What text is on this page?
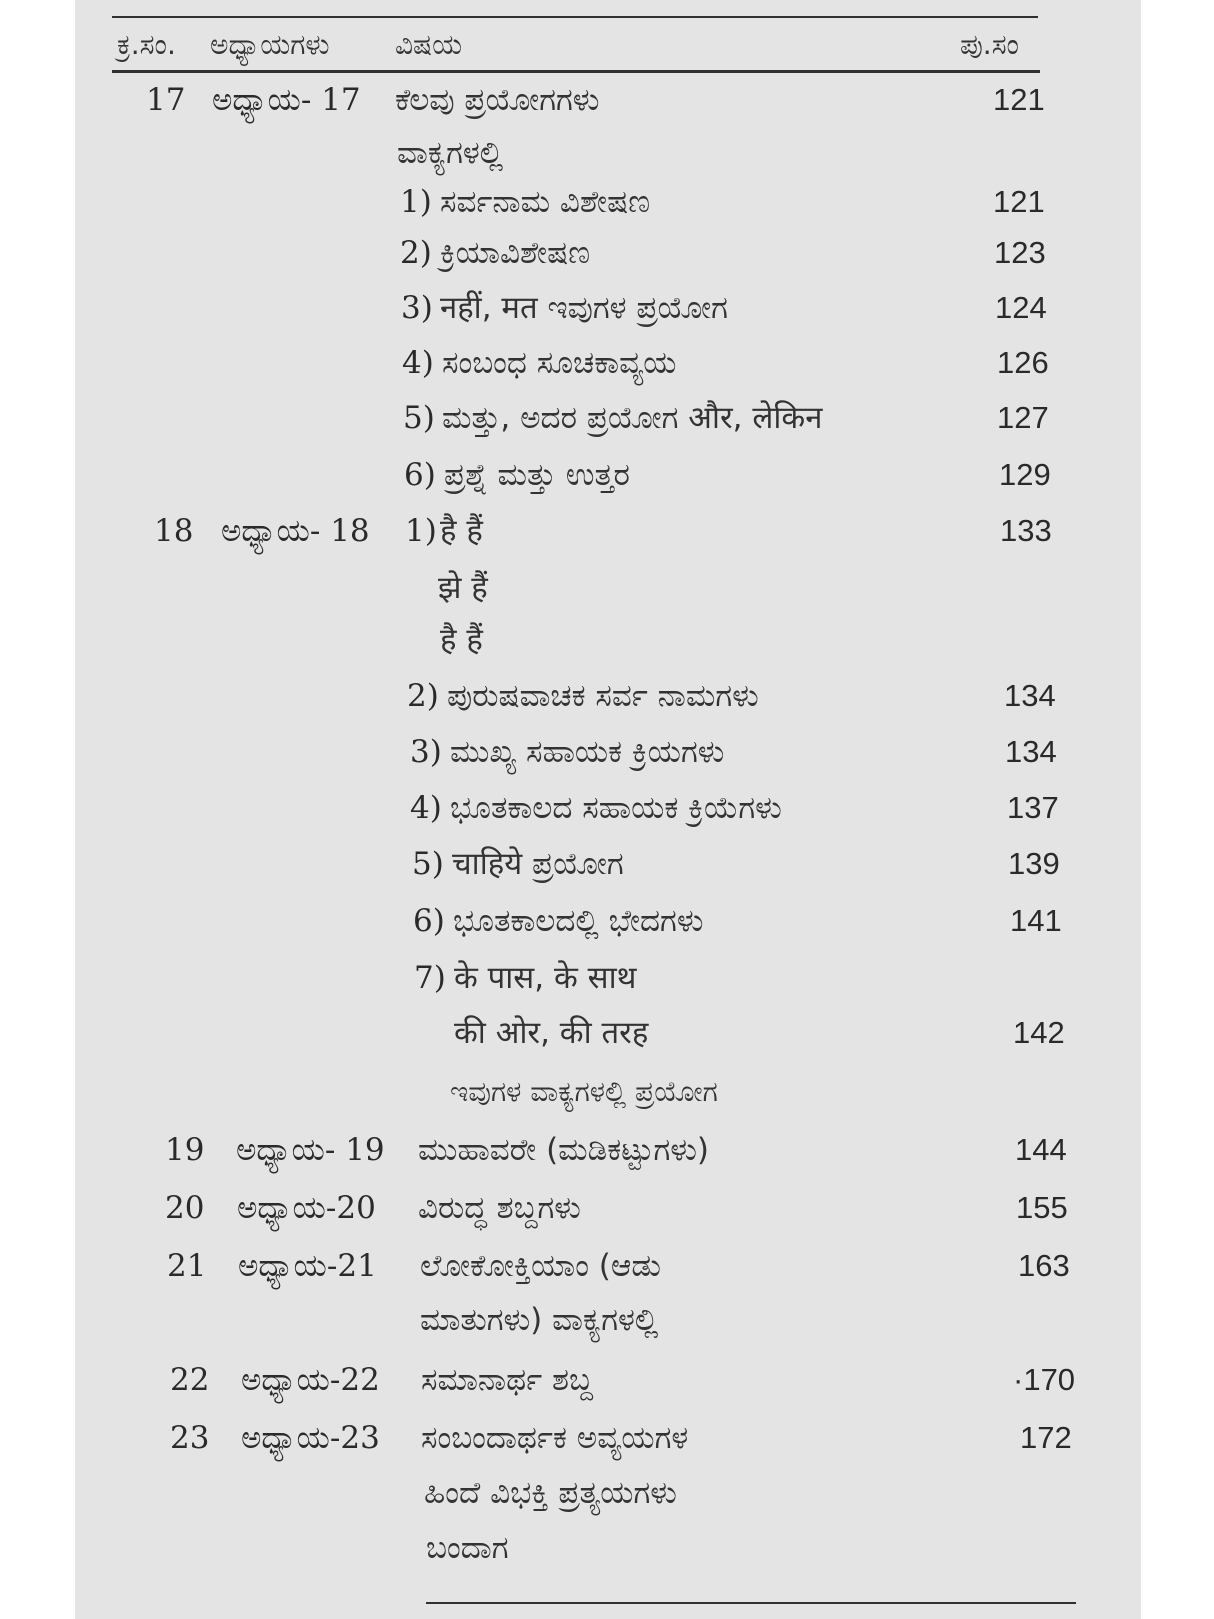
ಕ್ರ.ಸಂ. ಅಧ್ಯಾಯಗಳು ವಿಷಯ	ಪು.ಸಂ
17 ಅಧ್ಯಾಯ- 17 ಕೆಲವು ಪ್ರಯೋಗಗಳು	121
ವಾಕ್ಯಗಳಲ್ಲಿ
1) ಸರ್ವನಾಮ ವಿಶೇಷಣ	121
2) ಕ್ರಿಯಾವಿಶೇಷಣ	123
3) नहीं, मत ಇವುಗಳ ಪ್ರಯೋಗ	124
4) ಸಂಬಂಧ ಸೂಚಕಾವ್ಯಯ	126
5) ಮತ್ತು, ಅದರ ಪ್ರಯೋಗ और, लेकिन	127
6) ಪ್ರಶ್ನೆ ಮತ್ತು ಉತ್ತರ	129
18 ಅಧ್ಯಾಯ- 18 1) है हैं	133
झे हैं
है हैं
2) ಪುರುಷವಾಚಕ ಸರ್ವ ನಾಮಗಳು	134
3) ಮುಖ್ಯ ಸಹಾಯಕ ಕ್ರಿಯಗಳು	134
4) ಭೂತಕಾಲದ ಸಹಾಯಕ ಕ್ರಿಯೆಗಳು	137
5) चाहिये ಪ್ರಯೋಗ	139
6) ಭೂತಕಾಲದಲ್ಲಿ ಭೇದಗಳು	141
7) के पास, के साथ
की ओर, की तरह	142
ಇವುಗಳ ವಾಕ್ಯಗಳಲ್ಲಿ ಪ್ರಯೋಗ
19 ಅಧ್ಯಾಯ- 19 ಮುಹಾವರೇ (ಮಡಿಕಟ್ಟುಗಳು)	144
20 ಅಧ್ಯಾಯ-20 ವಿರುದ್ಧ ಶಬ್ದಗಳು	155
21 ಅಧ್ಯಾಯ-21 ಲೋಕೋಕ್ತಿಯಾಂ (ಆಡು	163
ಮಾತುಗಳು) ವಾಕ್ಯಗಳಲ್ಲಿ
22 ಅಧ್ಯಾಯ-22 ಸಮಾನಾರ್ಥ ಶಬ್ದ	·170
23 ಅಧ್ಯಾಯ-23 ಸಂಬಂದಾರ್ಥಕ ಅವ್ಯಯಗಳ	172
ಹಿಂದೆ ವಿಭಕ್ತಿ ಪ್ರತ್ಯಯಗಳು
ಬಂದಾಗ
